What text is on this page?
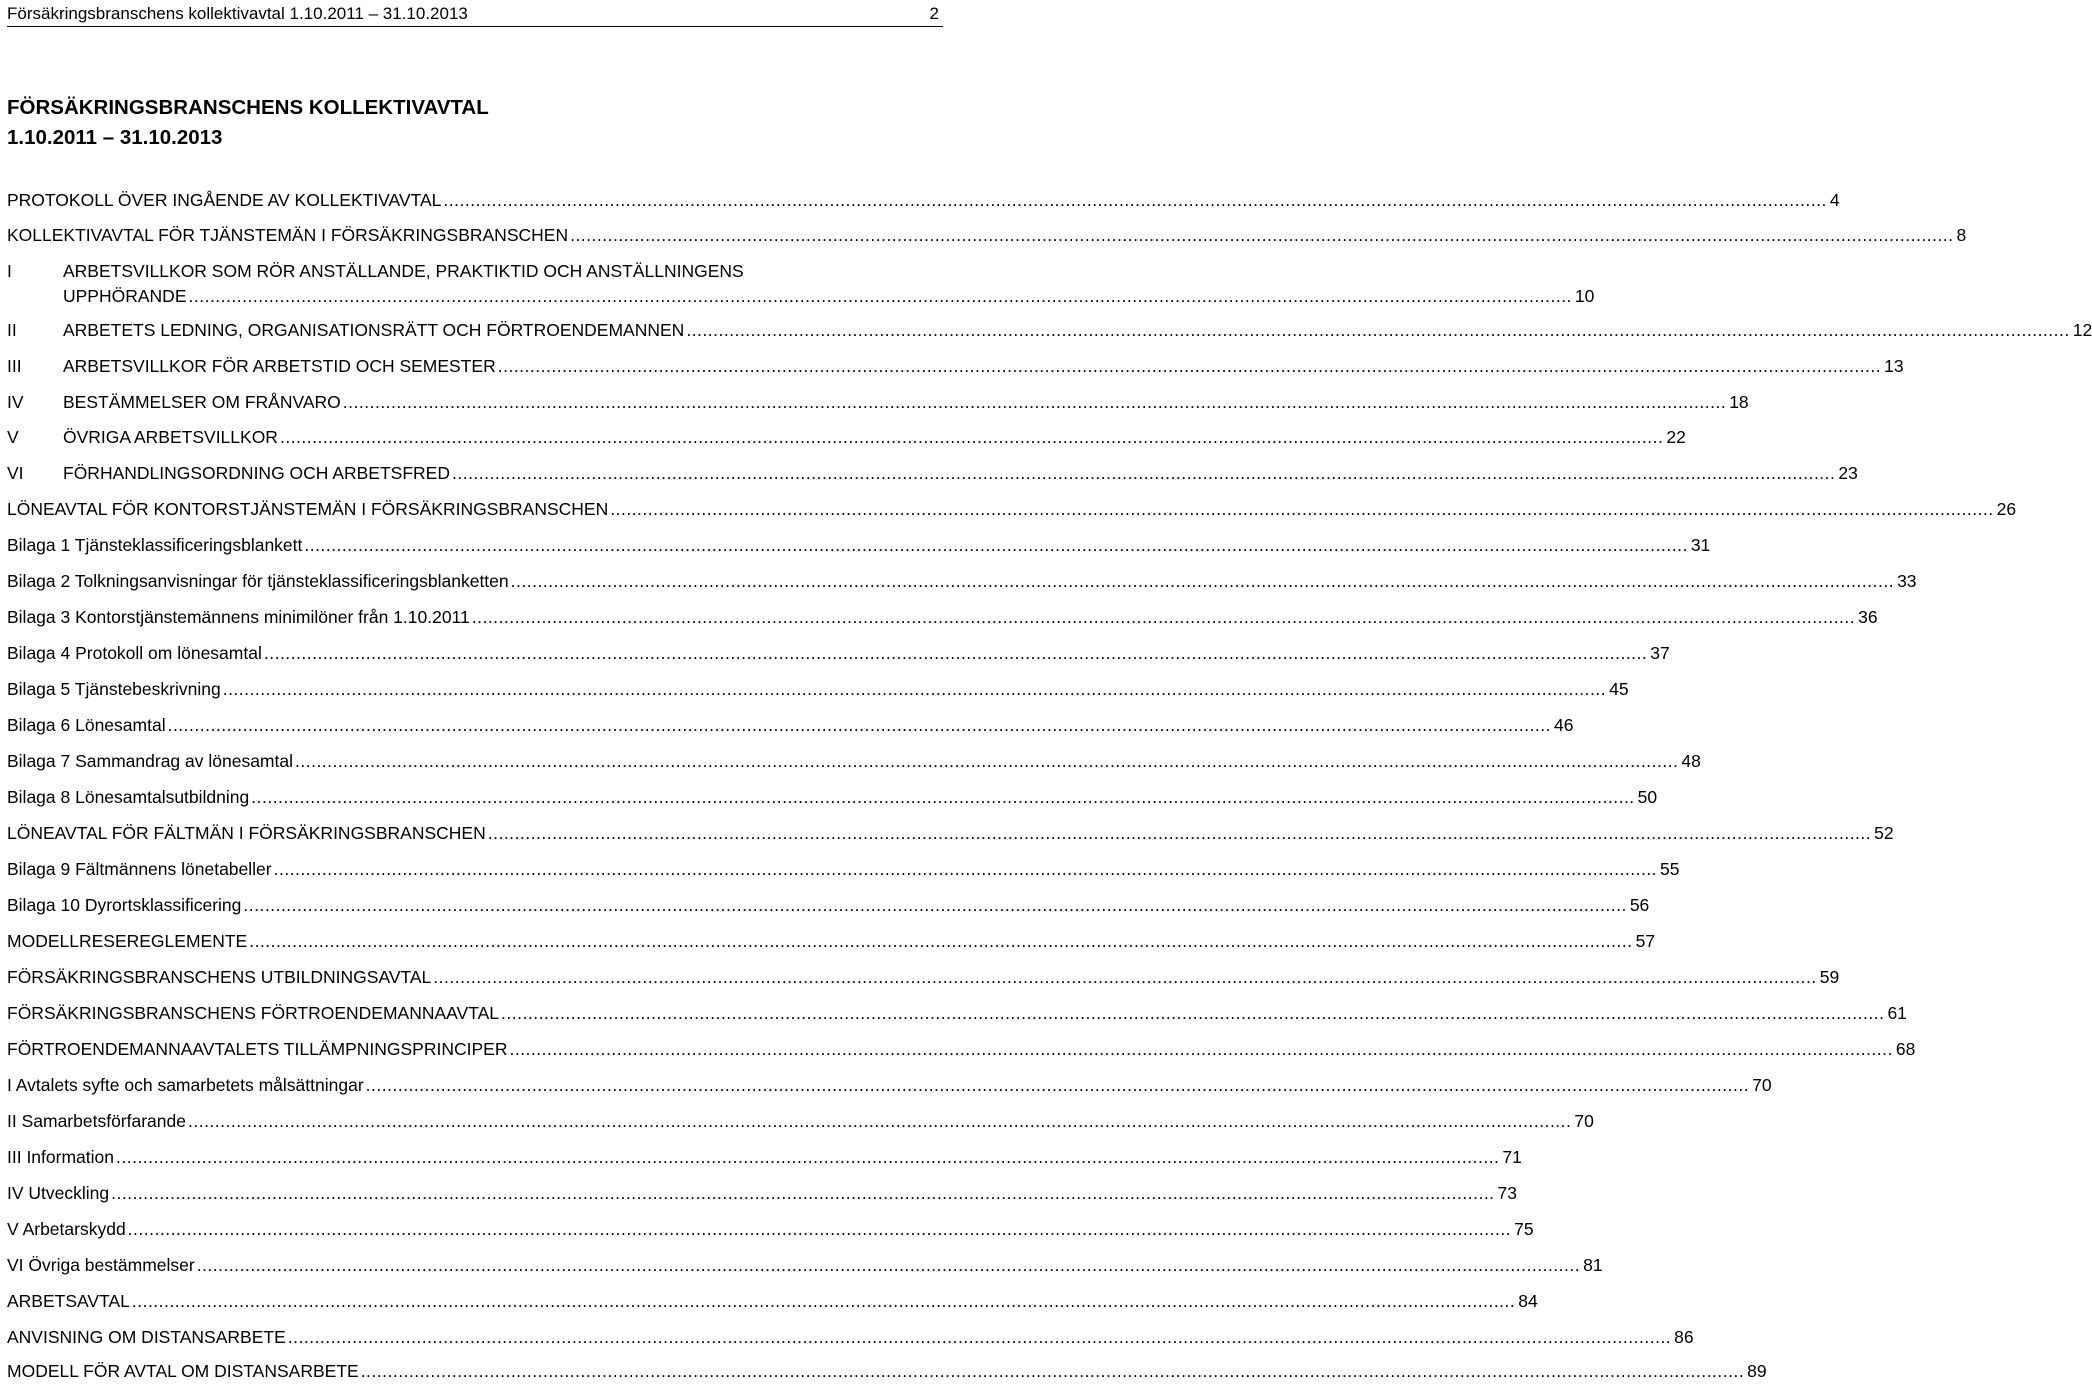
Försäkringsbranschens kollektivavtal 1.10.2011 – 31.10.2013	2
FÖRSÄKRINGSBRANSCHENS KOLLEKTIVAVTAL
1.10.2011 – 31.10.2013
PROTOKOLL ÖVER INGÅENDE AV KOLLEKTIVAVTAL .....	4
KOLLEKTIVAVTAL FÖR TJÄNSTEMÄN I FÖRSÄKRINGSBRANSCHEN .....	8
I	ARBETSVILLKOR SOM RÖR ANSTÄLLANDE, PRAKTIKTID OCH ANSTÄLLNINGENS
UPPHÖRANDE .....	10
II	ARBETETS LEDNING, ORGANISATIONSRÄTT OCH FÖRTROENDEMANNEN .....	12
III	ARBETSVILLKOR FÖR ARBETSTID OCH SEMESTER .....	13
IV	BESTÄMMELSER OM FRÅNVARO .....	18
V	ÖVRIGA ARBETSVILLKOR .....	22
VI	FÖRHANDLINGSORDNING OCH ARBETSFRED .....	23
LÖNEAVTAL FÖR KONTORSTJÄNSTEMÄN I FÖRSÄKRINGSBRANSCHEN .....	26
Bilaga 1 Tjänsteklassificeringsblankett .....	31
Bilaga 2 Tolkningsanvisningar för tjänsteklassificeringsblanketten .....	33
Bilaga 3 Kontorstjänstemännens minimilöner från 1.10.2011 .....	36
Bilaga 4 Protokoll om lönesamtal .....	37
Bilaga 5 Tjänstebeskrivning .....	45
Bilaga 6 Lönesamtal .....	46
Bilaga 7 Sammandrag av lönesamtal .....	48
Bilaga 8 Lönesamtalsutbildning .....	50
LÖNEAVTAL FÖR FÄLTMÄN I FÖRSÄKRINGSBRANSCHEN .....	52
Bilaga 9 Fältmännens lönetabeller .....	55
Bilaga 10 Dyrortsklassificering .....	56
MODELLRESEREGLEMENTE .....	57
FÖRSÄKRINGSBRANSCHENS UTBILDNINGSAVTAL .....	59
FÖRSÄKRINGSBRANSCHENS FÖRTROENDEMANNAAVTAL .....	61
FÖRTROENDEMANNAAVTALETS TILLÄMPNINGSPRINCIPER .....	68
I Avtalets syfte och samarbetets målsättningar .....	70
II Samarbetsförfarande .....	70
III Information .....	71
IV Utveckling .....	73
V Arbetarskydd .....	75
VI Övriga bestämmelser .....	81
ARBETSAVTAL .....	84
ANVISNING OM DISTANSARBETE .....	86
MODELL FÖR AVTAL OM DISTANSARBETE .....	89
